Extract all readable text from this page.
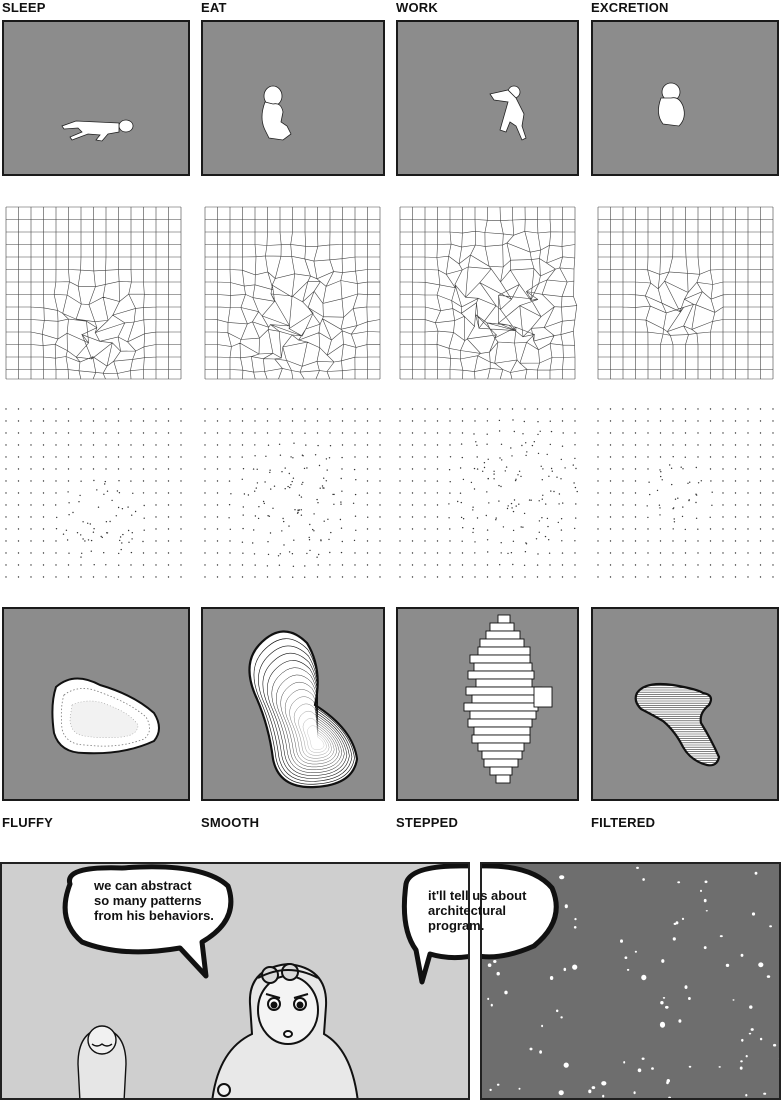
SLEEP	EAT	WORK	EXCRETION
FLUFFY	SMOOTH	STEPPED	FILTERED
we can abstract
so many patterns
from his behaviors.
it'll tell us about
architectural
program.
